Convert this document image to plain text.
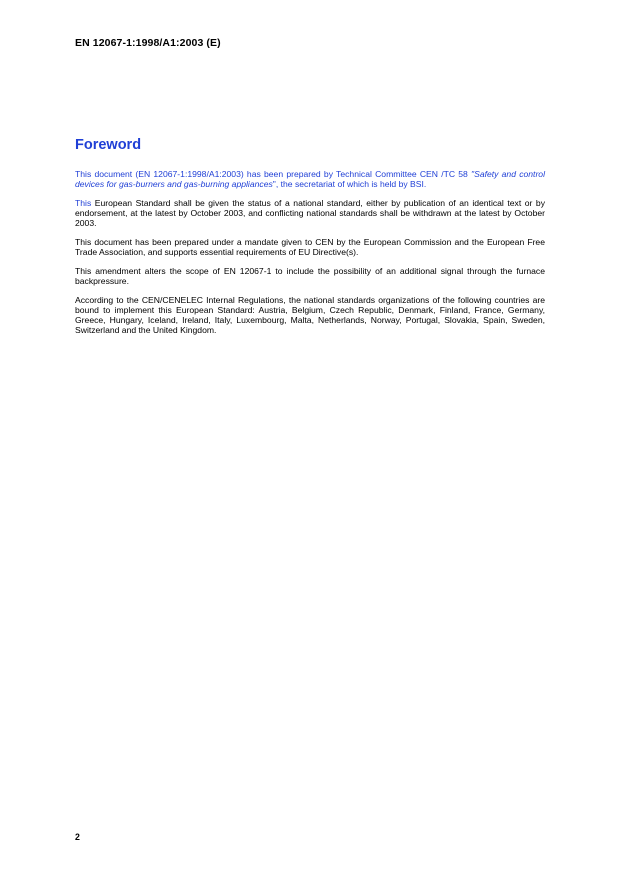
EN 12067-1:1998/A1:2003 (E)
Foreword

This document (EN 12067-1:1998/A1:2003) has been prepared by Technical Committee CEN /TC 58 "Safety and control devices for gas-burners and gas-burning appliances", the secretariat of which is held by BSI.

This European Standard shall be given the status of a national standard, either by publication of an identical text or by endorsement, at the latest by October 2003, and conflicting national standards shall be withdrawn at the latest by October 2003.

This document has been prepared under a mandate given to CEN by the European Commission and the European Free Trade Association, and supports essential requirements of EU Directive(s).

This amendment alters the scope of EN 12067-1 to include the possibility of an additional signal through the furnace backpressure.

According to the CEN/CENELEC Internal Regulations, the national standards organizations of the following countries are bound to implement this European Standard: Austria, Belgium, Czech Republic, Denmark, Finland, France, Germany, Greece, Hungary, Iceland, Ireland, Italy, Luxembourg, Malta, Netherlands, Norway, Portugal, Slovakia, Spain, Sweden, Switzerland and the United Kingdom.

2
